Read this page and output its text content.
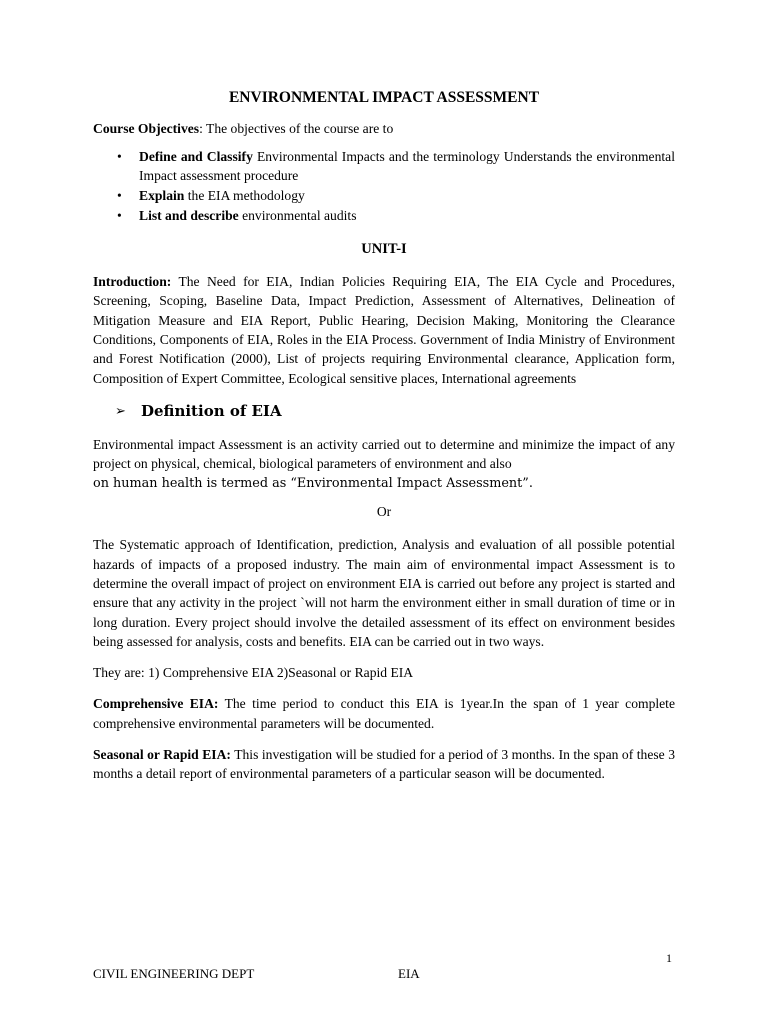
ENVIRONMENTAL IMPACT ASSESSMENT

Course Objectives: The objectives of the course are to

• Define and Classify Environmental Impacts and the terminology Understands the environmental Impact assessment procedure
• Explain the EIA methodology
• List and describe environmental audits
UNIT-I

Introduction: The Need for EIA, Indian Policies Requiring EIA, The EIA Cycle and Procedures, Screening, Scoping, Baseline Data, Impact Prediction, Assessment of Alternatives, Delineation of Mitigation Measure and EIA Report, Public Hearing, Decision Making, Monitoring the Clearance Conditions, Components of EIA, Roles in the EIA Process. Government of India Ministry of Environment and Forest Notification (2000), List of projects requiring Environmental clearance, Application form, Composition of Expert Committee, Ecological sensitive places, International agreements

➢	Definition of EIA

Environmental impact Assessment is an activity carried out to determine and minimize the impact of any project on physical, chemical, biological parameters of environment and also

on human health is termed as “Environmental Impact Assessment”.

Or

The Systematic approach of Identification, prediction, Analysis and evaluation of all possible potential hazards of impacts of a proposed industry. The main aim of environmental impact Assessment is to determine the overall impact of project on environment EIA is carried out before any project is started and ensure that any activity in the project `will not harm the environment either in small duration of time or in long duration. Every project should involve the detailed assessment of its effect on environment besides being assessed for analysis, costs and benefits. EIA can be carried out in two ways.

They are: 1) Comprehensive EIA 2)Seasonal or Rapid EIA

Comprehensive EIA: The time period to conduct this EIA is 1year.In the span of 1 year complete comprehensive environmental parameters will be documented.

Seasonal or Rapid EIA: This investigation will be studied for a period of 3 months. In the span of these 3 months a detail report of environmental parameters of a particular season will be documented.

1
CIVIL ENGINEERING DEPT	EIA
